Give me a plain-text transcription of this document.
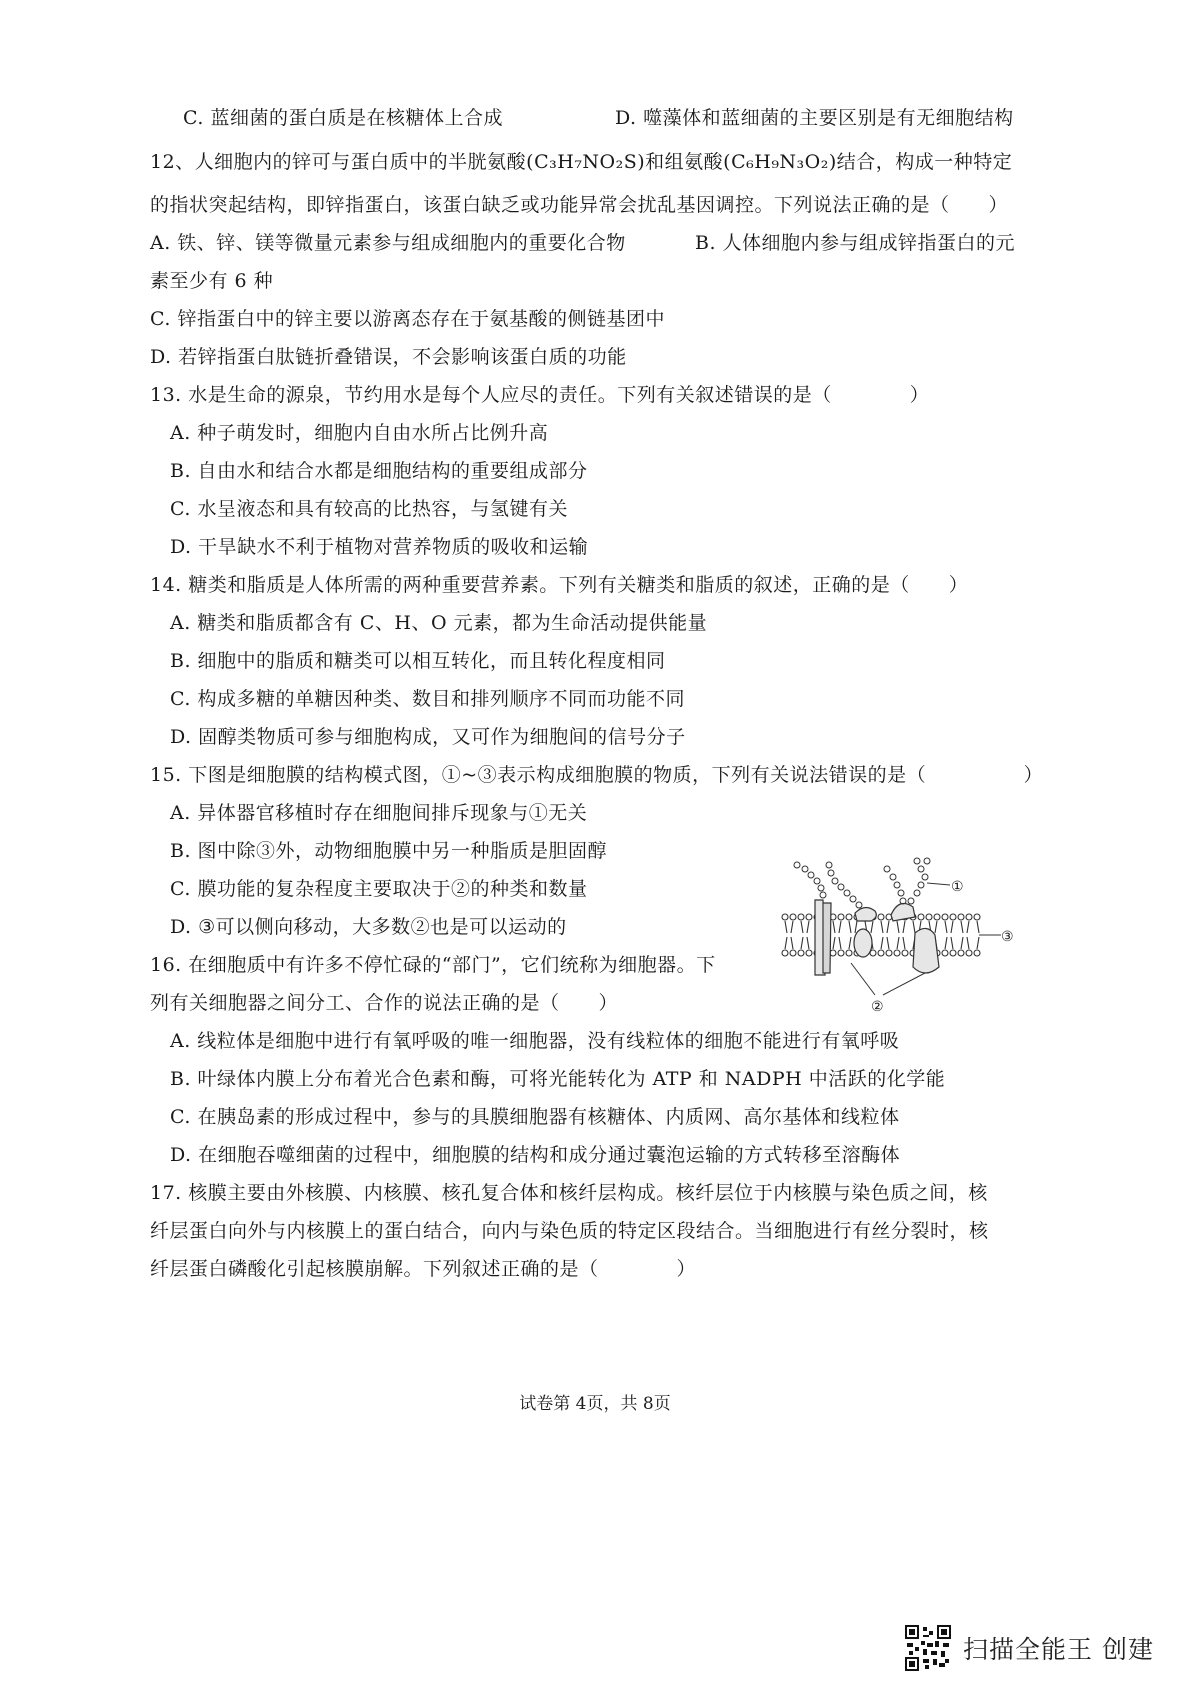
C. 蓝细菌的蛋白质是在核糖体上合成	D. 噬藻体和蓝细菌的主要区别是有无细胞结构
12、人细胞内的锌可与蛋白质中的半胱氨酸(C₃H₇NO₂S)和组氨酸(C₆H₉N₃O₂)结合，构成一种特定
的指状突起结构，即锌指蛋白，该蛋白缺乏或功能异常会扰乱基因调控。下列说法正确的是（　　）
A. 铁、锌、镁等微量元素参与组成细胞内的重要化合物	B. 人体细胞内参与组成锌指蛋白的元
素至少有 6 种
C. 锌指蛋白中的锌主要以游离态存在于氨基酸的侧链基团中
D. 若锌指蛋白肽链折叠错误，不会影响该蛋白质的功能
13. 水是生命的源泉，节约用水是每个人应尽的责任。下列有关叙述错误的是（　　　　）
A. 种子萌发时，细胞内自由水所占比例升高
B. 自由水和结合水都是细胞结构的重要组成部分
C. 水呈液态和具有较高的比热容，与氢键有关
D. 干旱缺水不利于植物对营养物质的吸收和运输
14. 糖类和脂质是人体所需的两种重要营养素。下列有关糖类和脂质的叙述，正确的是（　　）
A. 糖类和脂质都含有 C、H、O 元素，都为生命活动提供能量
B. 细胞中的脂质和糖类可以相互转化，而且转化程度相同
C. 构成多糖的单糖因种类、数目和排列顺序不同而功能不同
D. 固醇类物质可参与细胞构成，又可作为细胞间的信号分子
15. 下图是细胞膜的结构模式图，①~③表示构成细胞膜的物质，下列有关说法错误的是（　　　　　）
A. 异体器官移植时存在细胞间排斥现象与①无关
B. 图中除③外，动物细胞膜中另一种脂质是胆固醇
C. 膜功能的复杂程度主要取决于②的种类和数量
D. ③可以侧向移动，大多数②也是可以运动的
①
③
②
16. 在细胞质中有许多不停忙碌的“部门”，它们统称为细胞器。下
列有关细胞器之间分工、合作的说法正确的是（　　）
A. 线粒体是细胞中进行有氧呼吸的唯一细胞器，没有线粒体的细胞不能进行有氧呼吸
B. 叶绿体内膜上分布着光合色素和酶，可将光能转化为 ATP 和 NADPH 中活跃的化学能
C. 在胰岛素的形成过程中，参与的具膜细胞器有核糖体、内质网、高尔基体和线粒体
D. 在细胞吞噬细菌的过程中，细胞膜的结构和成分通过囊泡运输的方式转移至溶酶体
17. 核膜主要由外核膜、内核膜、核孔复合体和核纤层构成。核纤层位于内核膜与染色质之间，核
纤层蛋白向外与内核膜上的蛋白结合，向内与染色质的特定区段结合。当细胞进行有丝分裂时，核
纤层蛋白磷酸化引起核膜崩解。下列叙述正确的是（　　　　）
试卷第 4页，共 8页
扫描全能王 创建
